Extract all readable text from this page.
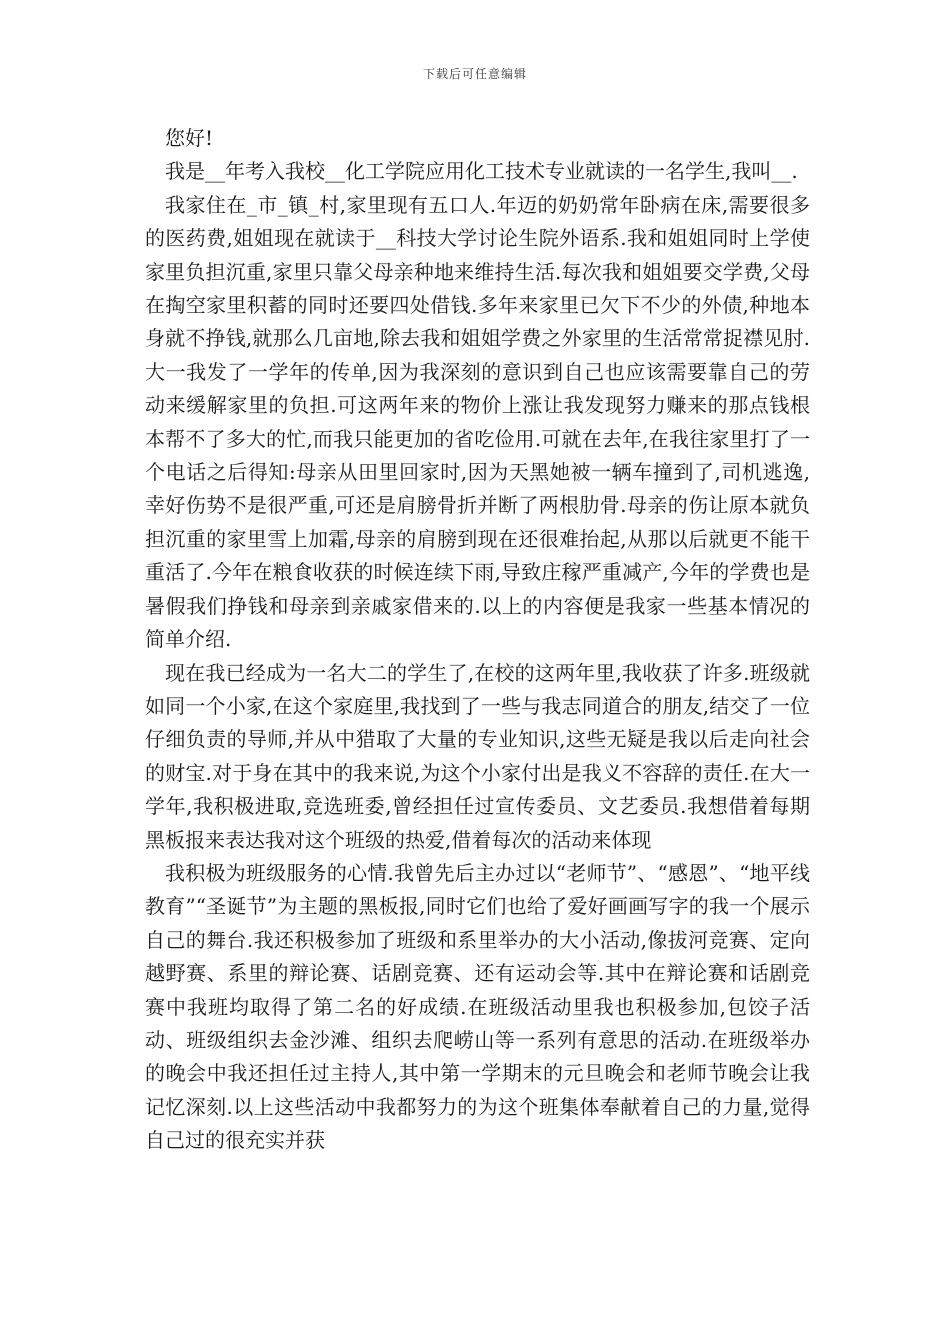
下载后可任意编辑

您好!

我是__年考入我校__化工学院应用化工技术专业就读的一名学生,我叫__.

我家住在_市_镇_村,家里现有五口人.年迈的奶奶常年卧病在床,需要很多的医药费,姐姐现在就读于__科技大学讨论生院外语系.我和姐姐同时上学使家里负担沉重,家里只靠父母亲种地来维持生活.每次我和姐姐要交学费,父母在掏空家里积蓄的同时还要四处借钱.多年来家里已欠下不少的外债,种地本身就不挣钱,就那么几亩地,除去我和姐姐学费之外家里的生活常常捉襟见肘.大一我发了一学年的传单,因为我深刻的意识到自己也应该需要靠自己的劳动来缓解家里的负担.可这两年来的物价上涨让我发现努力赚来的那点钱根本帮不了多大的忙,而我只能更加的省吃俭用.可就在去年,在我往家里打了一个电话之后得知:母亲从田里回家时,因为天黑她被一辆车撞到了,司机逃逸,幸好伤势不是很严重,可还是肩膀骨折并断了两根肋骨.母亲的伤让原本就负担沉重的家里雪上加霜,母亲的肩膀到现在还很难抬起,从那以后就更不能干重活了.今年在粮食收获的时候连续下雨,导致庄稼严重减产,今年的学费也是暑假我们挣钱和母亲到亲戚家借来的.以上的内容便是我家一些基本情况的简单介绍.

现在我已经成为一名大二的学生了,在校的这两年里,我收获了许多.班级就如同一个小家,在这个家庭里,我找到了一些与我志同道合的朋友,结交了一位仔细负责的导师,并从中猎取了大量的专业知识,这些无疑是我以后走向社会的财宝.对于身在其中的我来说,为这个小家付出是我义不容辞的责任.在大一学年,我积极进取,竞选班委,曾经担任过宣传委员、文艺委员.我想借着每期黑板报来表达我对这个班级的热爱,借着每次的活动来体现

我积极为班级服务的心情.我曾先后主办过以“老师节”、“感恩”、“地平线教育”“圣诞节”为主题的黑板报,同时它们也给了爱好画画写字的我一个展示自己的舞台.我还积极参加了班级和系里举办的大小活动,像拔河竞赛、定向越野赛、系里的辩论赛、话剧竞赛、还有运动会等.其中在辩论赛和话剧竞赛中我班均取得了第二名的好成绩.在班级活动里我也积极参加,包饺子活动、班级组织去金沙滩、组织去爬崂山等一系列有意思的活动.在班级举办的晚会中我还担任过主持人,其中第一学期末的元旦晚会和老师节晚会让我记忆深刻.以上这些活动中我都努力的为这个班集体奉献着自己的力量,觉得自己过的很充实并获
